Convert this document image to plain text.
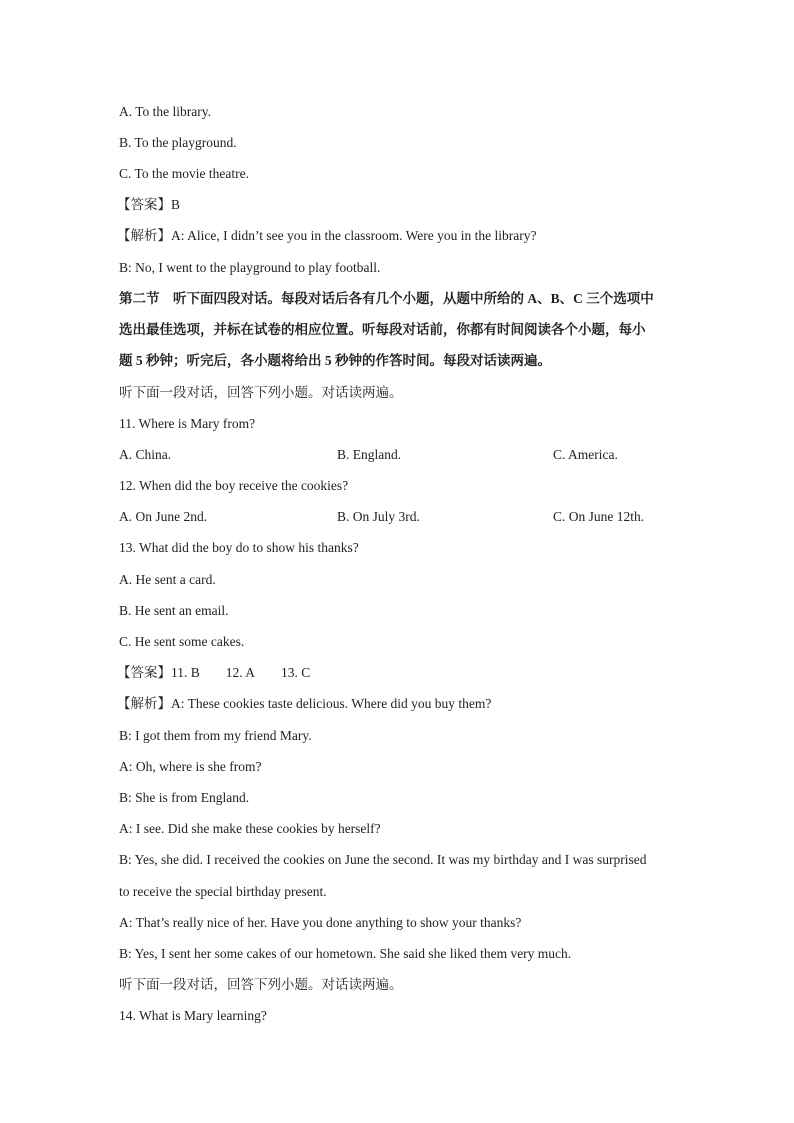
A. To the library.

B. To the playground.

C. To the movie theatre.

【答案】B

【解析】A: Alice, I didn’t see you in the classroom. Were you in the library?

B: No, I went to the playground to play football.

第二节　听下面四段对话。每段对话后各有几个小题，从题中所给的 A、B、C 三个选项中

选出最佳选项，并标在试卷的相应位置。听每段对话前，你都有时间阅读各个小题，每小

题 5 秒钟；听完后，各小题将给出 5 秒钟的作答时间。每段对话读两遍。

听下面一段对话，回答下列小题。对话读两遍。

11. Where is Mary from?

A. China.	B. England.	C. America.

12. When did the boy receive the cookies?

A. On June 2nd.	B. On July 3rd.	C. On June 12th.

13. What did the boy do to show his thanks?

A. He sent a card.

B. He sent an email.

C. He sent some cakes.

【答案】11. B 12. A 13. C

【解析】A: These cookies taste delicious. Where did you buy them?

B: I got them from my friend Mary.

A: Oh, where is she from?

B: She is from England.

A: I see. Did she make these cookies by herself?

B: Yes, she did. I received the cookies on June the second. It was my birthday and I was surprised

to receive the special birthday present.

A: That’s really nice of her. Have you done anything to show your thanks?

B: Yes, I sent her some cakes of our hometown. She said she liked them very much.

听下面一段对话，回答下列小题。对话读两遍。

14. What is Mary learning?
